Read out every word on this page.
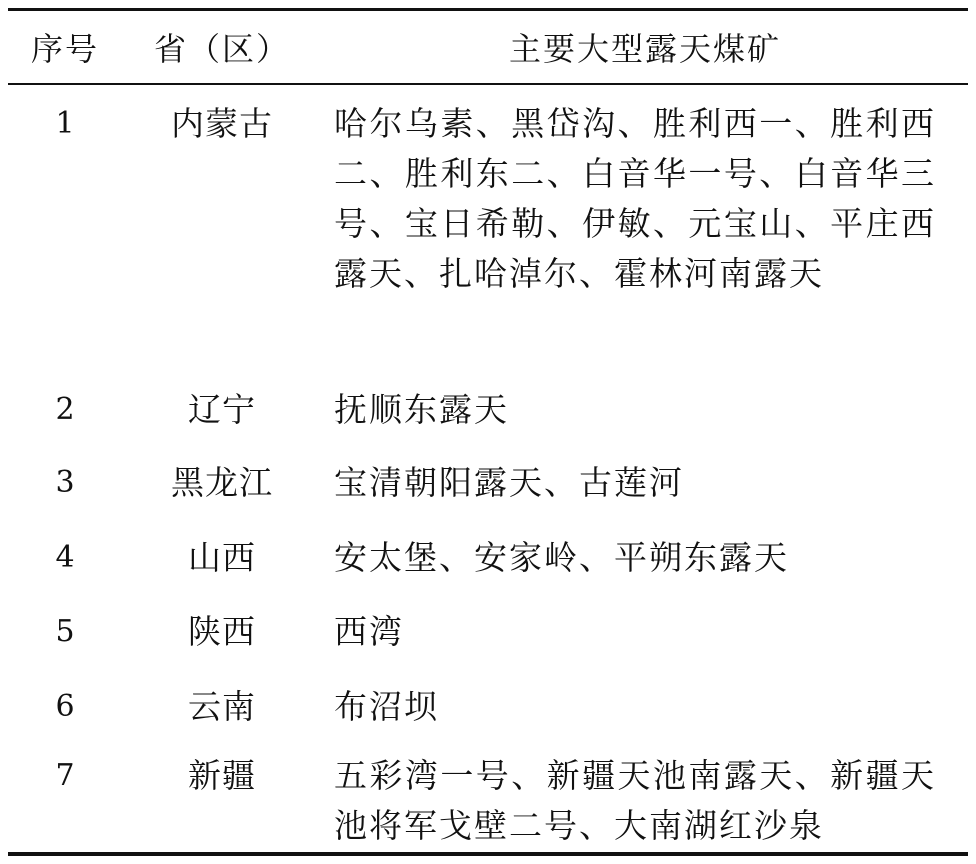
序号	省（区）	主要大型露天煤矿
1	内蒙古	哈尔乌素、黑岱沟、胜利西一、胜利西二、胜利东二、白音华一号、白音华三号、宝日希勒、伊敏、元宝山、平庄西露天、扎哈淖尔、霍林河南露天
2	辽宁	抚顺东露天
3	黑龙江	宝清朝阳露天、古莲河
4	山西	安太堡、安家岭、平朔东露天
5	陕西	西湾
6	云南	布沼坝
7	新疆	五彩湾一号、新疆天池南露天、新疆天池将军戈壁二号、大南湖红沙泉
